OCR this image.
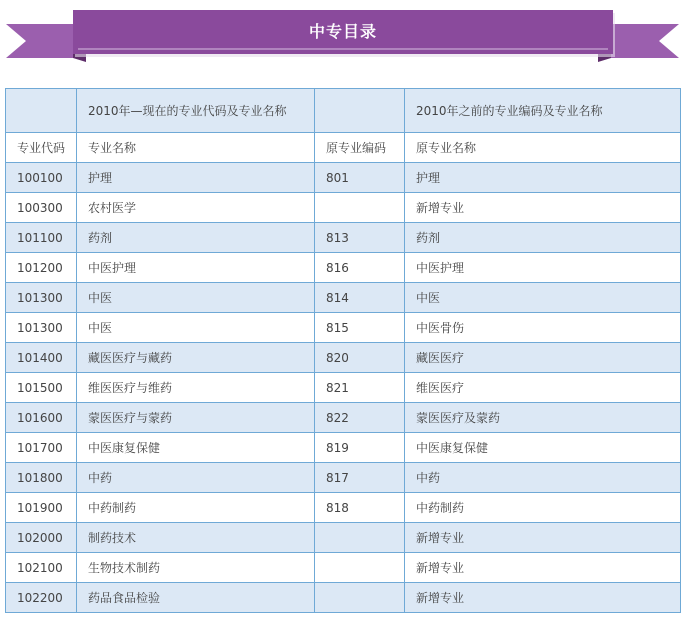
中专目录
	2010年—现在的专业代码及专业名称		2010年之前的专业编码及专业名称
专业代码	专业名称	原专业编码	原专业名称
100100	护理	801	护理
100300	农村医学		新增专业
101100	药剂	813	药剂
101200	中医护理	816	中医护理
101300	中医	814	中医
101300	中医	815	中医骨伤
101400	藏医医疗与藏药	820	藏医医疗
101500	维医医疗与维药	821	维医医疗
101600	蒙医医疗与蒙药	822	蒙医医疗及蒙药
101700	中医康复保健	819	中医康复保健
101800	中药	817	中药
101900	中药制药	818	中药制药
102000	制药技术		新增专业
102100	生物技术制药		新增专业
102200	药品食品检验		新增专业
